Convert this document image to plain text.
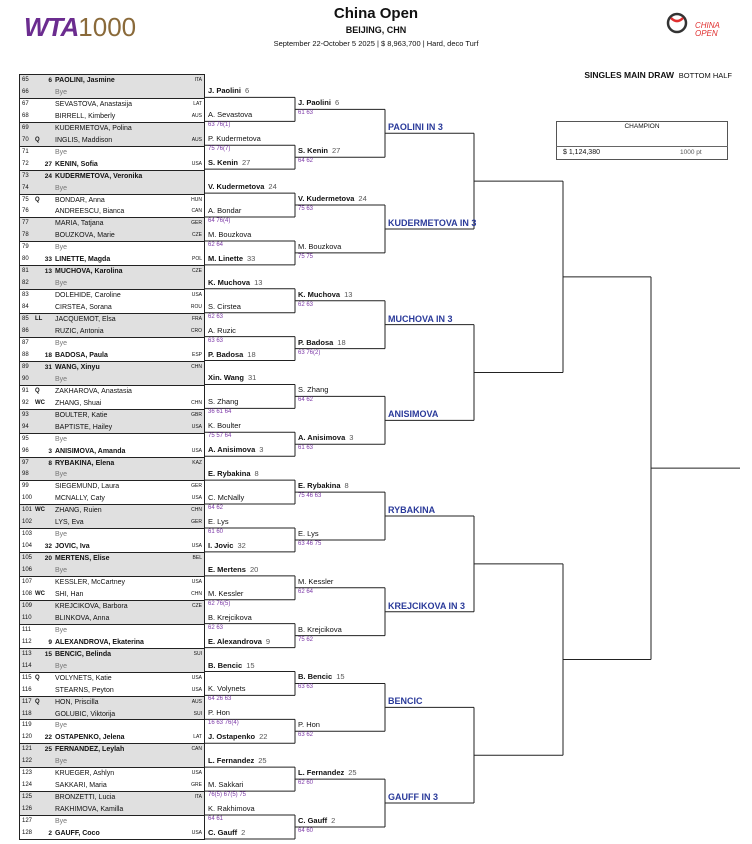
WTA1000	China Open
BEIJING, CHN
September 22-October 5 2025 | $ 8,963,700 | Hard, deco Turf
CHINA
OPEN
SINGLES MAIN DRAW BOTTOM HALF
CHAMPION
$ 1,124,380	1000 pt
65	6 PAOLINI, Jasmine	ITA
66	Bye
67	SEVASTOVA, Anastasija	LAT
68	BIRRELL, Kimberly	AUS
69	KUDERMETOVA, Polina
70	Q	INGLIS, Maddison	AUS
71	Bye
72	27 KENIN, Sofia	USA
73	24 KUDERMETOVA, Veronika
74	Bye
75	Q	BONDAR, Anna	HUN
76	ANDREESCU, Bianca	CAN
77	MARIA, Tatjana	GER
78	BOUZKOVA, Marie	CZE
79	Bye
80	33 LINETTE, Magda	POL
81	13 MUCHOVA, Karolina	CZE
82	Bye
83	DOLEHIDE, Caroline	USA
84	CIRSTEA, Sorana	ROU
85	LL	JACQUEMOT, Elsa	FRA
86	RUZIC, Antonia	CRO
87	Bye
88	18 BADOSA, Paula	ESP
89	31 WANG, Xinyu	CHN
90	Bye
91	Q	ZAKHAROVA, Anastasia
92	WC	ZHANG, Shuai	CHN
93	BOULTER, Katie	GBR
94	BAPTISTE, Hailey	USA
95	Bye
96	3 ANISIMOVA, Amanda	USA
97	8 RYBAKINA, Elena	KAZ
98	Bye
99	SIEGEMUND, Laura	GER
100	MCNALLY, Caty	USA
101 WC	ZHANG, Ruien	CHN
102	LYS, Eva	GER
103	Bye
104	32 JOVIC, Iva	USA
105	20 MERTENS, Elise	BEL
106	Bye
107	KESSLER, McCartney	USA
108 WC	SHI, Han	CHN
109	KREJCIKOVA, Barbora	CZE
110	BLINKOVA, Anna
111	Bye
112	9 ALEXANDROVA, Ekaterina
113	15 BENCIC, Belinda	SUI
114	Bye
115 Q	VOLYNETS, Katie	USA
116	STEARNS, Peyton	USA
117 Q	HON, Priscilla	AUS
118	GOLUBIC, Viktorija	SUI
119	Bye
120	22 OSTAPENKO, Jelena	LAT
121	25 FERNANDEZ, Leylah	CAN
122	Bye
123	KRUEGER, Ashlyn	USA
124	SAKKARI, Maria	GRE
125	BRONZETTI, Lucia	ITA
126	RAKHIMOVA, Kamilla
127	Bye
128	2 GAUFF, Coco	USA
J. Paolini 6
A. Sevastova
63 76(1)
P. Kudermetova
75 76(7)
S. Kenin 27
V. Kudermetova 24
A. Bondar
64 76(4)
M. Bouzkova
62 64
M. Linette 33
K. Muchova 13
S. Cirstea
62 63
A. Ruzic
63 63
P. Badosa 18
Xin. Wang 31
S. Zhang
36 61 64
K. Boulter
75 57 64
A. Anisimova 3
E. Rybakina 8
C. McNally
64 62
E. Lys
61 60
I. Jovic 32
E. Mertens 20
M. Kessler
62 76(5)
B. Krejcikova
62 63
E. Alexandrova 9
B. Bencic 15
K. Volynets
64 26 63
P. Hon
16 63 76(4)
J. Ostapenko 22
L. Fernandez 25
M. Sakkari
76(5) 67(5) 75
K. Rakhimova
64 61
C. Gauff 2
J. Paolini 6
61 63
S. Kenin 27
64 62
V. Kudermetova 24
75 63
M. Bouzkova
75 75
K. Muchova 13
62 63
P. Badosa 18
63 76(2)
S. Zhang
64 62
A. Anisimova 3
61 63
E. Rybakina 8
75 46 63
E. Lys
63 46 75
M. Kessler
62 64
B. Krejcikova
75 62
B. Bencic 15
63 63
P. Hon
63 62
L. Fernandez 25
62 60
C. Gauff 2
64 60
PAOLINI IN 3
KUDERMETOVA IN 3
MUCHOVA IN 3
ANISIMOVA
RYBAKINA
KREJCIKOVA IN 3
BENCIC
GAUFF IN 3
